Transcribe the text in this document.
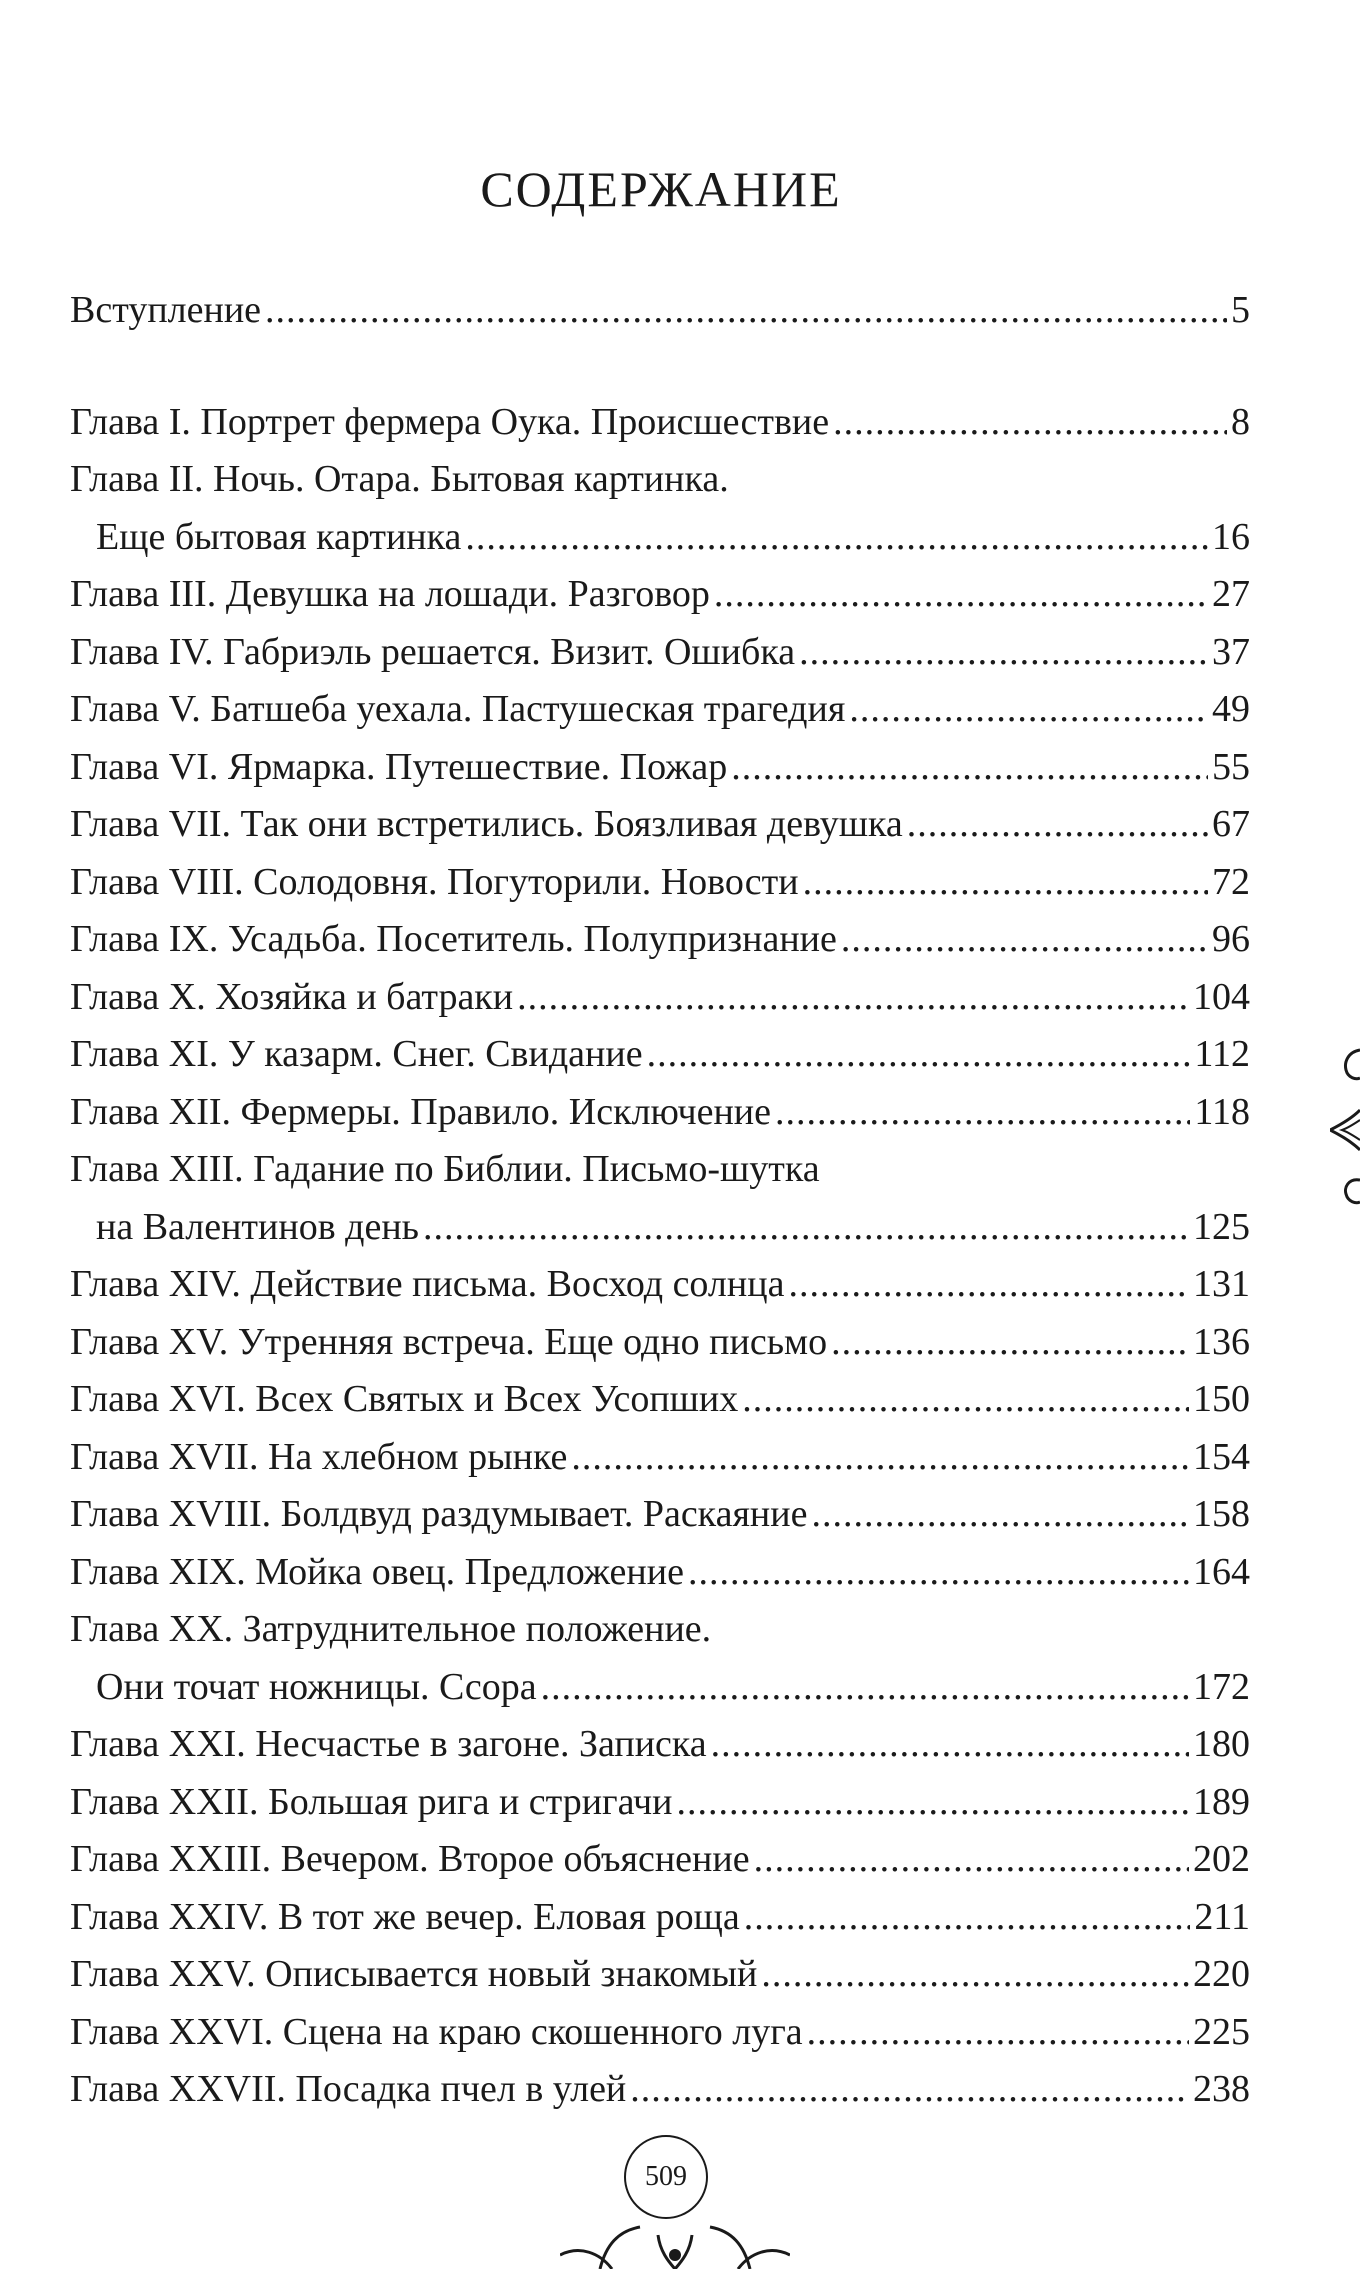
СОДЕРЖАНИЕ
Вступление .....	5
Глава I. Портрет фермера Оука. Происшествие .....	8
Глава II. Ночь. Отара. Бытовая картинка.
Еще бытовая картинка .....	16
Глава III. Девушка на лошади. Разговор .....	27
Глава IV. Габриэль решается. Визит. Ошибка .....	37
Глава V. Батшеба уехала. Пастушеская трагедия .....	49
Глава VI. Ярмарка. Путешествие. Пожар .....	55
Глава VII. Так они встретились. Боязливая девушка .....	67
Глава VIII. Солодовня. Погуторили. Новости .....	72
Глава IX. Усадьба. Посетитель. Полупризнание .....	96
Глава X. Хозяйка и батраки .....	104
Глава XI. У казарм. Снег. Свидание .....	112
Глава XII. Фермеры. Правило. Исключение .....	118
Глава XIII. Гадание по Библии. Письмо-шутка
на Валентинов день .....	125
Глава XIV. Действие письма. Восход солнца .....	131
Глава XV. Утренняя встреча. Еще одно письмо .....	136
Глава XVI. Всех Святых и Всех Усопших .....	150
Глава XVII. На хлебном рынке .....	154
Глава XVIII. Болдвуд раздумывает. Раскаяние .....	158
Глава XIX. Мойка овец. Предложение .....	164
Глава XX. Затруднительное положение.
Они точат ножницы. Ссора .....	172
Глава XXI. Несчастье в загоне. Записка .....	180
Глава XXII. Большая рига и стригачи .....	189
Глава XXIII. Вечером. Второе объяснение .....	202
Глава XXIV. В тот же вечер. Еловая роща .....	211
Глава XXV. Описывается новый знакомый .....	220
Глава XXVI. Сцена на краю скошенного луга .....	225
Глава XXVII. Посадка пчел в улей .....	238
509
